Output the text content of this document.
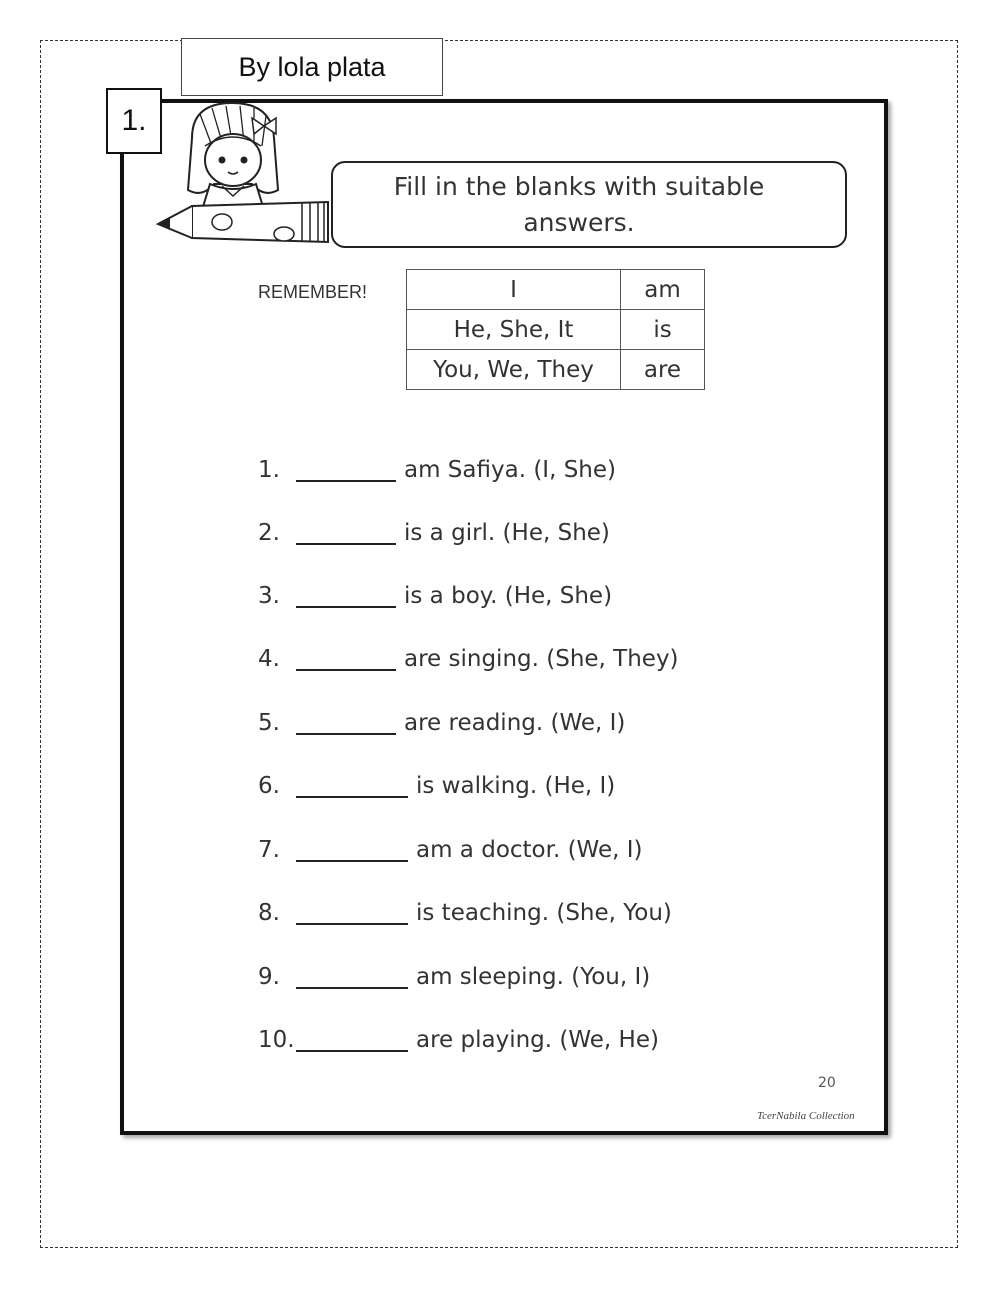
By lola plata
1.
Fill in the blanks with suitable answers.
REMEMBER!	I	am
He, She, It	is
You, We, They	are
1.	am Safiya. (I, She)
2.	is a girl. (He, She)
3.	is a boy. (He, She)
4.	are singing. (She, They)
5.	are reading. (We, I)
6.	is walking. (He, I)
7.	am a doctor. (We, I)
8.	is teaching. (She, You)
9.	am sleeping. (You, I)
10.	are playing. (We, He)
20
TcerNabila Collection
